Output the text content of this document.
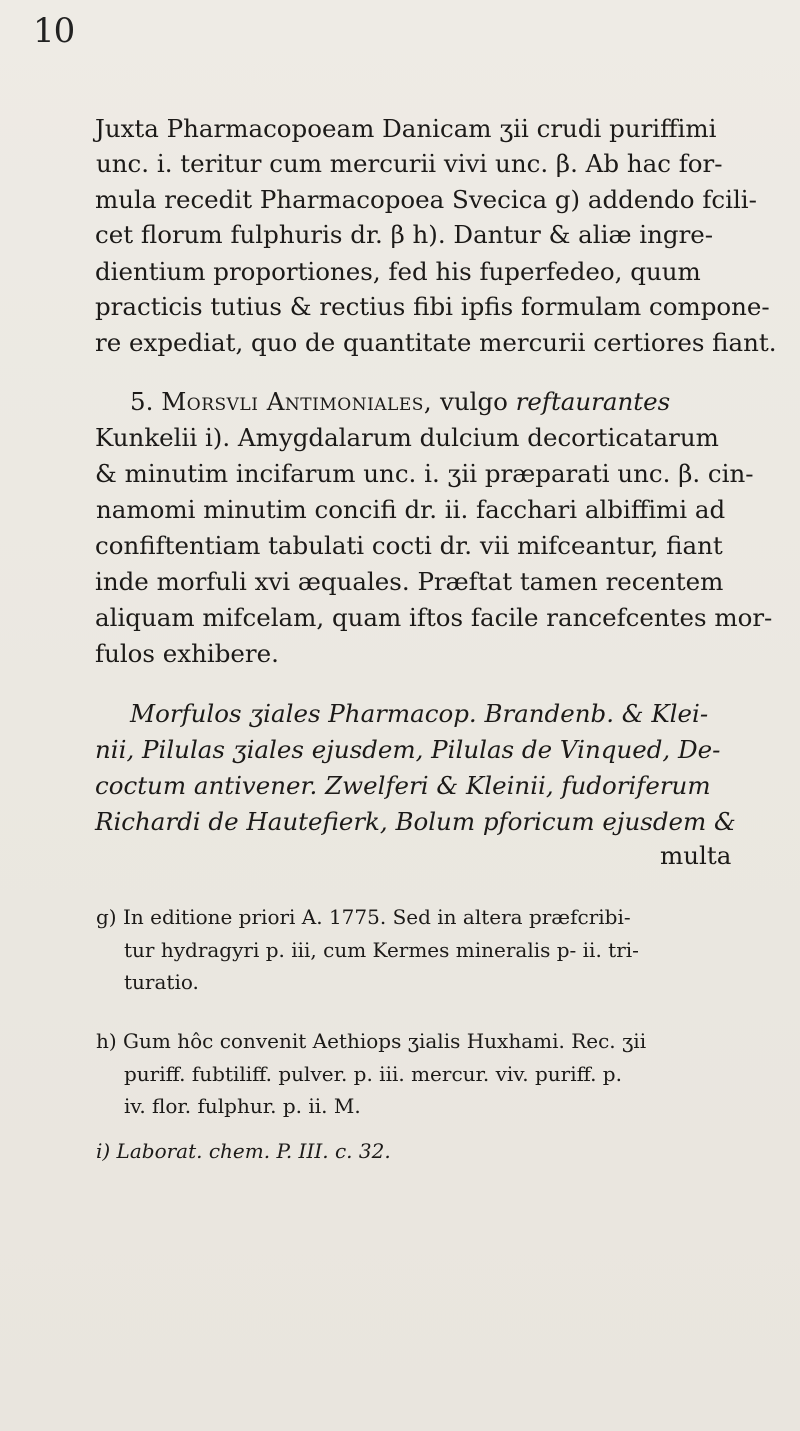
10
Juxta Pharmacopoeam Danicam ʒii crudi puriffimi
unc. i. teritur cum mercurii vivi unc. β. Ab hac for-
mula recedit Pharmacopoea Svecica g) addendo fcili-
cet florum fulphuris dr. β h). Dantur & aliæ ingre-
dientium proportiones, fed his fuperfedeo, quum
practicis tutius & rectius fibi ipfis formulam compone-
re expediat, quo de quantitate mercurii certiores fiant.
5. Morsvli Antimoniales, vulgo reftaurantes
Kunkelii i). Amygdalarum dulcium decorticatarum
& minutim incifarum unc. i. ʒii præparati unc. β. cin-
namomi minutim concifi dr. ii. facchari albiffimi ad
confiftentiam tabulati cocti dr. vii mifceantur, fiant
inde morfuli xvi æquales. Præftat tamen recentem
aliquam mifcelam, quam iftos facile rancefcentes mor-
fulos exhibere.
Morfulos ʒiales Pharmacop. Brandenb. & Klei-
nii, Pilulas ʒiales ejusdem, Pilulas de Vinqued, De-
coctum antivener. Zwelferi & Kleinii, fudoriferum
Richardi de Hautefierk, Bolum pforicum ejusdem &
multa
g) In editione priori A. 1775. Sed in altera præfcribi-
tur hydragyri p. iii, cum Kermes mineralis p- ii. tri-
turatio.
h) Gum hôc convenit Aethiops ʒialis Huxhami. Rec. ʒii
puriff. fubtiliff. pulver. p. iii. mercur. viv. puriff. p.
iv. flor. fulphur. p. ii. M.
i) Laborat. chem. P. III. c. 32.
